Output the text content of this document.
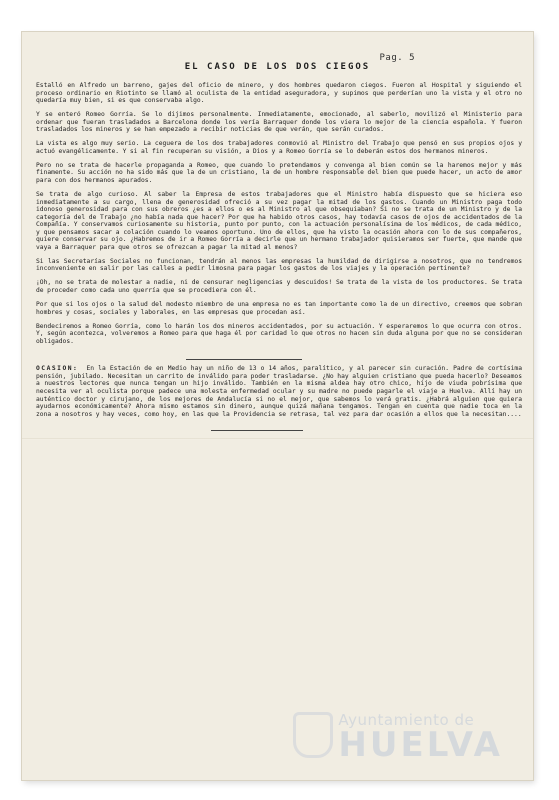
Pag. 5
EL CASO DE LOS DOS CIEGOS

Estalló en Alfredo un barreno, gajes del oficio de minero, y dos hombres quedaron ciegos. Fueron al Hospital y siguiendo el proceso ordinario en Riotinto se llamó al oculista de la entidad aseguradora, y supimos que perderían uno la vista y el otro no quedaría muy bien, si es que conservaba algo.

Y se enteró Romeo Gorría. Se lo dijimos personalmente. Inmediatamente, emocionado, al saberlo, movilizó el Ministerio para ordenar que fueran trasladados a Barcelona donde los vería Barraquer donde los viera lo mejor de la ciencia española. Y fueron trasladados los mineros y se han empezado a recibir noticias de que verán, que serán curados.

La vista es algo muy serio. La ceguera de los dos trabajadores conmovió al Ministro del Trabajo que pensó en sus propios ojos y actuó evangélicamente. Y si al fin recuperan su visión, a Dios y a Romeo Gorría se lo deberán estos dos hermanos mineros.

Pero no se trata de hacerle propaganda a Romeo, que cuando lo pretendamos y convenga al bien común se la haremos mejor y más finamente. Su acción no ha sido más que la de un cristiano, la de un hombre responsable del bien que puede hacer, un acto de amor para con dos hermanos apurados.

Se trata de algo curioso. Al saber la Empresa de estos trabajadores que el Ministro había dispuesto que se hiciera eso inmediatamente a su cargo, llena de generosidad ofreció a su vez pagar la mitad de los gastos. Cuando un Ministro paga todo idonoso generosidad para con sus obreros ¿es a ellos o es al Ministro al que obsequiaban? Si no se trata de un Ministro y de la categoría del de Trabajo ¿no había nada que hacer? Por que ha habido otros casos, hay todavía casos de ojos de accidentados de la Compañía. Y conservamos curiosamente su historia, punto por punto, con la actuación personalísima de los médicos, de cada médico, y que pensamos sacar a colación cuando lo veamos oportuno. Uno de ellos, que ha visto la ocasión ahora con lo de sus compañeros, quiere conservar su ojo. ¿Habremos de ir a Romeo Gorría a decirle que un hermano trabajador quisieramos ser fuerte, que mande que vaya a Barraquer para que otros se ofrezcan a pagar la mitad al menos?

Si las Secretarías Sociales no funcionan, tendrán al menos las empresas la humildad de dirigirse a nosotros, que no tendremos inconveniente en salir por las calles a pedir limosna para pagar los gastos de los viajes y la operación pertinente?

¡Oh, no se trata de molestar a nadie, ni de censurar negligencias y descuidos! Se trata de la vista de los productores. Se trata de proceder como cada uno querría que se procediera con él.

Por que si los ojos o la salud del modesto miembro de una empresa no es tan importante como la de un directivo, creemos que sobran hombres y cosas, sociales y laborales, en las empresas que procedan así.

Bendeciremos a Romeo Gorría, como lo harán los dos mineros accidentados, por su actuación. Y esperaremos lo que ocurra con otros. Y, según acontezca, volveremos a Romeo para que haga él por caridad lo que otros no hacen sin duda alguna por que no se consideran obligados.

OCASION: En la Estación de en Medio hay un niño de 13 o 14 años, paralítico, y al parecer sin curación. Padre de cortísima pensión, jubilado. Necesitan un carrito de inválido para poder trasladarse. ¿No hay alguien cristiano que pueda hacerlo? Deseamos a nuestros lectores que nunca tengan un hijo inválido. También en la misma aldea hay otro chico, hijo de viuda pobrísima que necesita ver al oculista porque padece una molesta enfermedad ocular y su madre no puede pagarle el viaje a Huelva. Allí hay un auténtico doctor y cirujano, de los mejores de Andalucía si no el mejor, que sabemos lo verá gratis. ¿Habrá alguien que quiera ayudarnos económicamente? Ahora mismo estamos sin dinero, aunque quizá mañana tengamos. Tengan en cuenta que nadie toca en la zona a nosotros y hay veces, como hoy, en las que la Providencia se retrasa, tal vez para dar ocasión a ellos que la necesitan....

Ayuntamiento de
HUELVA
